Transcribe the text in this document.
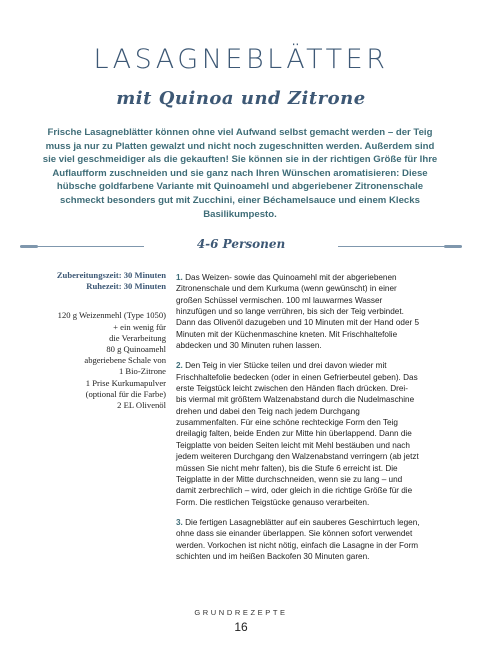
LASAGNEBLÄTTER
mit Quinoa und Zitrone
Frische Lasagneblätter können ohne viel Aufwand selbst gemacht werden – der Teig muss ja nur zu Platten gewalzt und nicht noch zugeschnitten werden. Außerdem sind sie viel geschmeidiger als die gekauften! Sie können sie in der richtigen Größe für Ihre Auflaufform zuschneiden und sie ganz nach Ihren Wünschen aromatisieren: Diese hübsche goldfarbene Variante mit Quinoamehl und abgeriebener Zitronenschale schmeckt besonders gut mit Zucchini, einer Béchamelsauce und einem Klecks Basilikumpesto.
4-6 Personen
Zubereitungszeit: 30 Minuten
Ruhezeit: 30 Minuten
120 g Weizenmehl (Type 1050)
+ ein wenig für
die Verarbeitung
80 g Quinoamehl
abgeriebene Schale von
1 Bio-Zitrone
1 Prise Kurkumapulver
(optional für die Farbe)
2 EL Olivenöl

1. Das Weizen- sowie das Quinoamehl mit der abgeriebenen Zitronenschale und dem Kurkuma (wenn gewünscht) in einer großen Schüssel vermischen. 100 ml lauwarmes Wasser hinzufügen und so lange verrühren, bis sich der Teig verbindet. Dann das Olivenöl dazugeben und 10 Minuten mit der Hand oder 5 Minuten mit der Küchenmaschine kneten. Mit Frischhaltefolie abdecken und 30 Minuten ruhen lassen.

2. Den Teig in vier Stücke teilen und drei davon wieder mit Frischhaltefolie bedecken (oder in einen Gefrierbeutel geben). Das erste Teigstück leicht zwischen den Händen flach drücken. Drei- bis viermal mit größtem Walzenabstand durch die Nudelmaschine drehen und dabei den Teig nach jedem Durchgang zusammenfalten. Für eine schöne rechteckige Form den Teig dreilagig falten, beide Enden zur Mitte hin überlappend. Dann die Teigplatte von beiden Seiten leicht mit Mehl bestäuben und nach jedem weiteren Durchgang den Walzenabstand verringern (ab jetzt müssen Sie nicht mehr falten), bis die Stufe 6 erreicht ist. Die Teigplatte in der Mitte durchschneiden, wenn sie zu lang – und damit zerbrechlich – wird, oder gleich in die richtige Größe für die Form. Die restlichen Teigstücke genauso verarbeiten.

3. Die fertigen Lasagneblätter auf ein sauberes Geschirrtuch legen, ohne dass sie einander überlappen. Sie können sofort verwendet werden. Vorkochen ist nicht nötig, einfach die Lasagne in der Form schichten und im heißen Backofen 30 Minuten garen.

GRUNDREZEPTE
16
